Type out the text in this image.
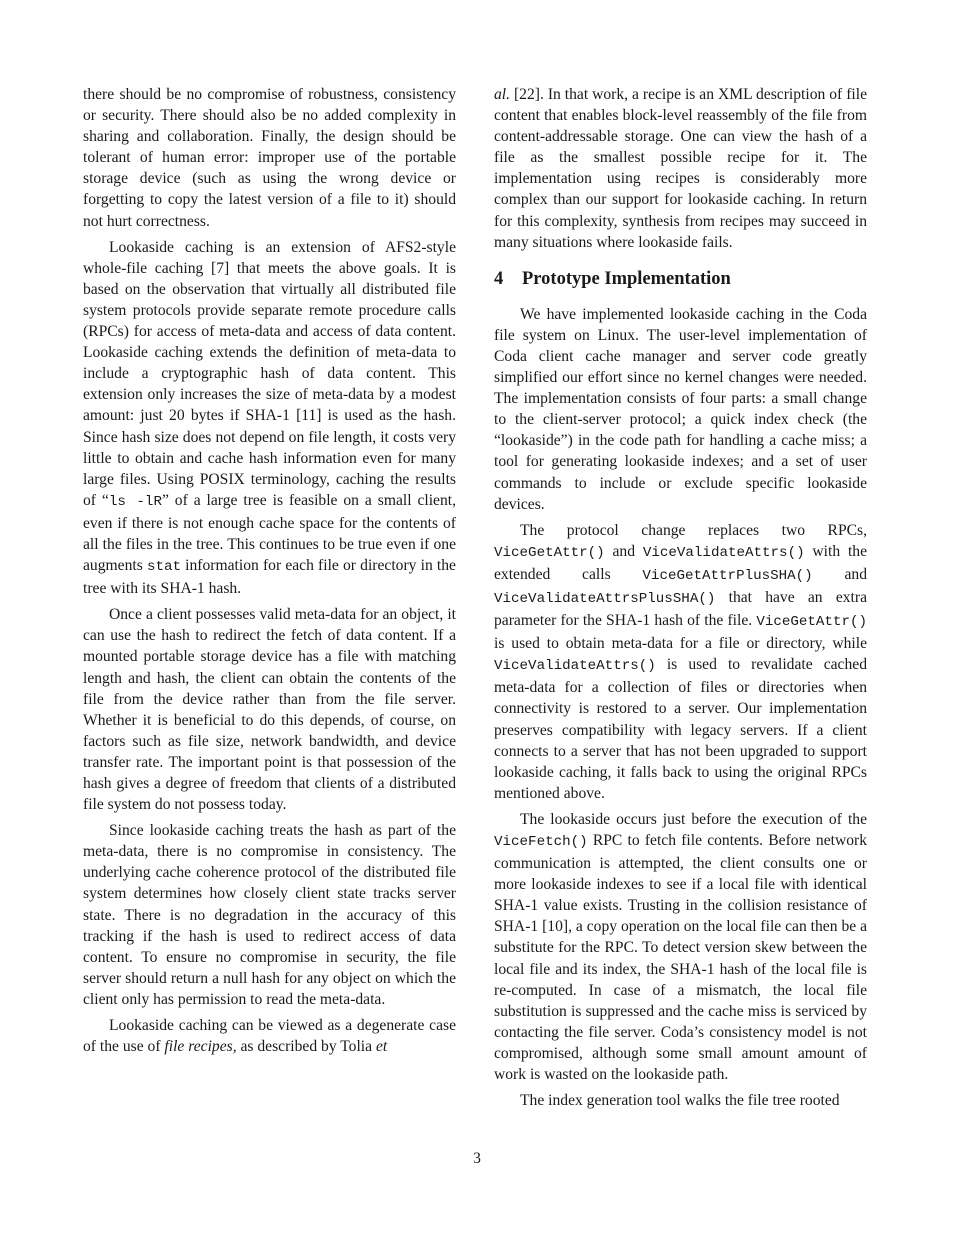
there should be no compromise of robustness, consistency or security. There should also be no added complexity in sharing and collaboration. Finally, the design should be tolerant of human error: improper use of the portable storage device (such as using the wrong device or forgetting to copy the latest version of a file to it) should not hurt correctness.

Lookaside caching is an extension of AFS2-style whole-file caching [7] that meets the above goals. It is based on the observation that virtually all distributed file system protocols provide separate remote procedure calls (RPCs) for access of meta-data and access of data content. Lookaside caching extends the definition of meta-data to include a cryptographic hash of data content. This extension only increases the size of meta-data by a modest amount: just 20 bytes if SHA-1 [11] is used as the hash. Since hash size does not depend on file length, it costs very little to obtain and cache hash information even for many large files. Using POSIX terminology, caching the results of “ls -lR” of a large tree is feasible on a small client, even if there is not enough cache space for the contents of all the files in the tree. This continues to be true even if one augments stat information for each file or directory in the tree with its SHA-1 hash.

Once a client possesses valid meta-data for an object, it can use the hash to redirect the fetch of data content. If a mounted portable storage device has a file with matching length and hash, the client can obtain the contents of the file from the device rather than from the file server. Whether it is beneficial to do this depends, of course, on factors such as file size, network bandwidth, and device transfer rate. The important point is that possession of the hash gives a degree of freedom that clients of a distributed file system do not possess today.

Since lookaside caching treats the hash as part of the meta-data, there is no compromise in consistency. The underlying cache coherence protocol of the distributed file system determines how closely client state tracks server state. There is no degradation in the accuracy of this tracking if the hash is used to redirect access of data content. To ensure no compromise in security, the file server should return a null hash for any object on which the client only has permission to read the meta-data.

Lookaside caching can be viewed as a degenerate case of the use of file recipes, as described by Tolia et

al. [22]. In that work, a recipe is an XML description of file content that enables block-level reassembly of the file from content-addressable storage. One can view the hash of a file as the smallest possible recipe for it. The implementation using recipes is considerably more complex than our support for lookaside caching. In return for this complexity, synthesis from recipes may succeed in many situations where lookaside fails.

4 Prototype Implementation

We have implemented lookaside caching in the Coda file system on Linux. The user-level implementation of Coda client cache manager and server code greatly simplified our effort since no kernel changes were needed. The implementation consists of four parts: a small change to the client-server protocol; a quick index check (the “lookaside”) in the code path for handling a cache miss; a tool for generating lookaside indexes; and a set of user commands to include or exclude specific lookaside devices.

The protocol change replaces two RPCs, ViceGetAttr() and ViceValidateAttrs() with the extended calls ViceGetAttrPlusSHA() and ViceValidateAttrsPlusSHA() that have an extra parameter for the SHA-1 hash of the file. ViceGetAttr() is used to obtain meta-data for a file or directory, while ViceValidateAttrs() is used to revalidate cached meta-data for a collection of files or directories when connectivity is restored to a server. Our implementation preserves compatibility with legacy servers. If a client connects to a server that has not been upgraded to support lookaside caching, it falls back to using the original RPCs mentioned above.

The lookaside occurs just before the execution of the ViceFetch() RPC to fetch file contents. Before network communication is attempted, the client consults one or more lookaside indexes to see if a local file with identical SHA-1 value exists. Trusting in the collision resistance of SHA-1 [10], a copy operation on the local file can then be a substitute for the RPC. To detect version skew between the local file and its index, the SHA-1 hash of the local file is re-computed. In case of a mismatch, the local file substitution is suppressed and the cache miss is serviced by contacting the file server. Coda’s consistency model is not compromised, although some small amount amount of work is wasted on the lookaside path.

The index generation tool walks the file tree rooted

3
